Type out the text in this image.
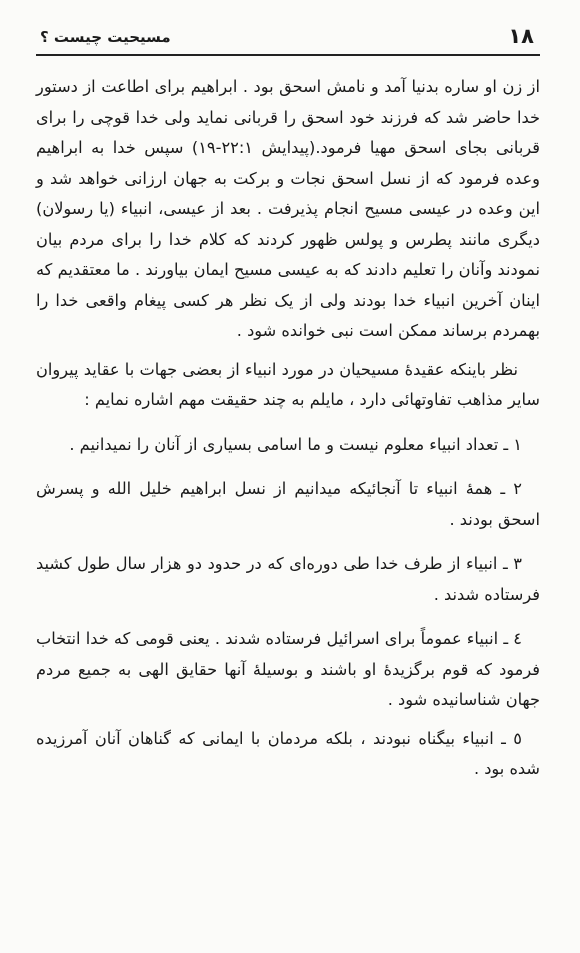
۱۸
مسیحیت چیست ؟

از زن او ساره بدنیا آمد و نامش اسحق بود . ابراهیم برای اطاعت از دستور خدا حاضر شد که فرزند خود اسحق را قربانی نماید ولی خدا قوچی را برای قربانی بجای اسحق مهیا فرمود.(پیدایش ۲۲:۱-۱۹) سپس خدا به ابراهیم وعده فرمود که از نسل اسحق نجات و برکت به جهان ارزانی خواهد شد و این وعده در عیسی مسیح انجام پذیرفت . بعد از عیسی، انبیاء (یا رسولان) دیگری مانند پطرس و پولس ظهور کردند که کلام خدا را برای مردم بیان نمودند وآنان را تعلیم دادند که به عیسی مسیح ایمان بیاورند . ما معتقدیم که اینان آخرین انبیاء خدا بودند ولی از یک نظر هر کسی پیغام واقعی خدا را بهمردم برساند ممکن است نبی خوانده شود .

نظر باینکه عقیدهٔ مسیحیان در مورد انبیاء از بعضی جهات با عقاید پیروان سایر مذاهب تفاوتهائی دارد ، مایلم به چند حقیقت مهم اشاره نمایم :

۱ ـ تعداد انبیاء معلوم نیست و ما اسامی بسیاری از آنان را نمیدانیم .

۲ ـ همهٔ انبیاء تا آنجائیکه میدانیم از نسل ابراهیم خلیل الله و پسرش اسحق بودند .

۳ ـ انبیاء از طرف خدا طی دوره‌ای که در حدود دو هزار سال طول کشید فرستاده شدند .

٤ ـ انبیاء عموماً برای اسرائیل فرستاده شدند . یعنی قومی که خدا انتخاب فرمود که قوم برگزیدهٔ او باشند و بوسیلهٔ آنها حقایق الهی به جمیع مردم جهان شناسانیده شود .

٥ ـ انبیاء بیگناه نبودند ، بلکه مردمان با ایمانی که گناهان آنان آمرزیده شده بود .
